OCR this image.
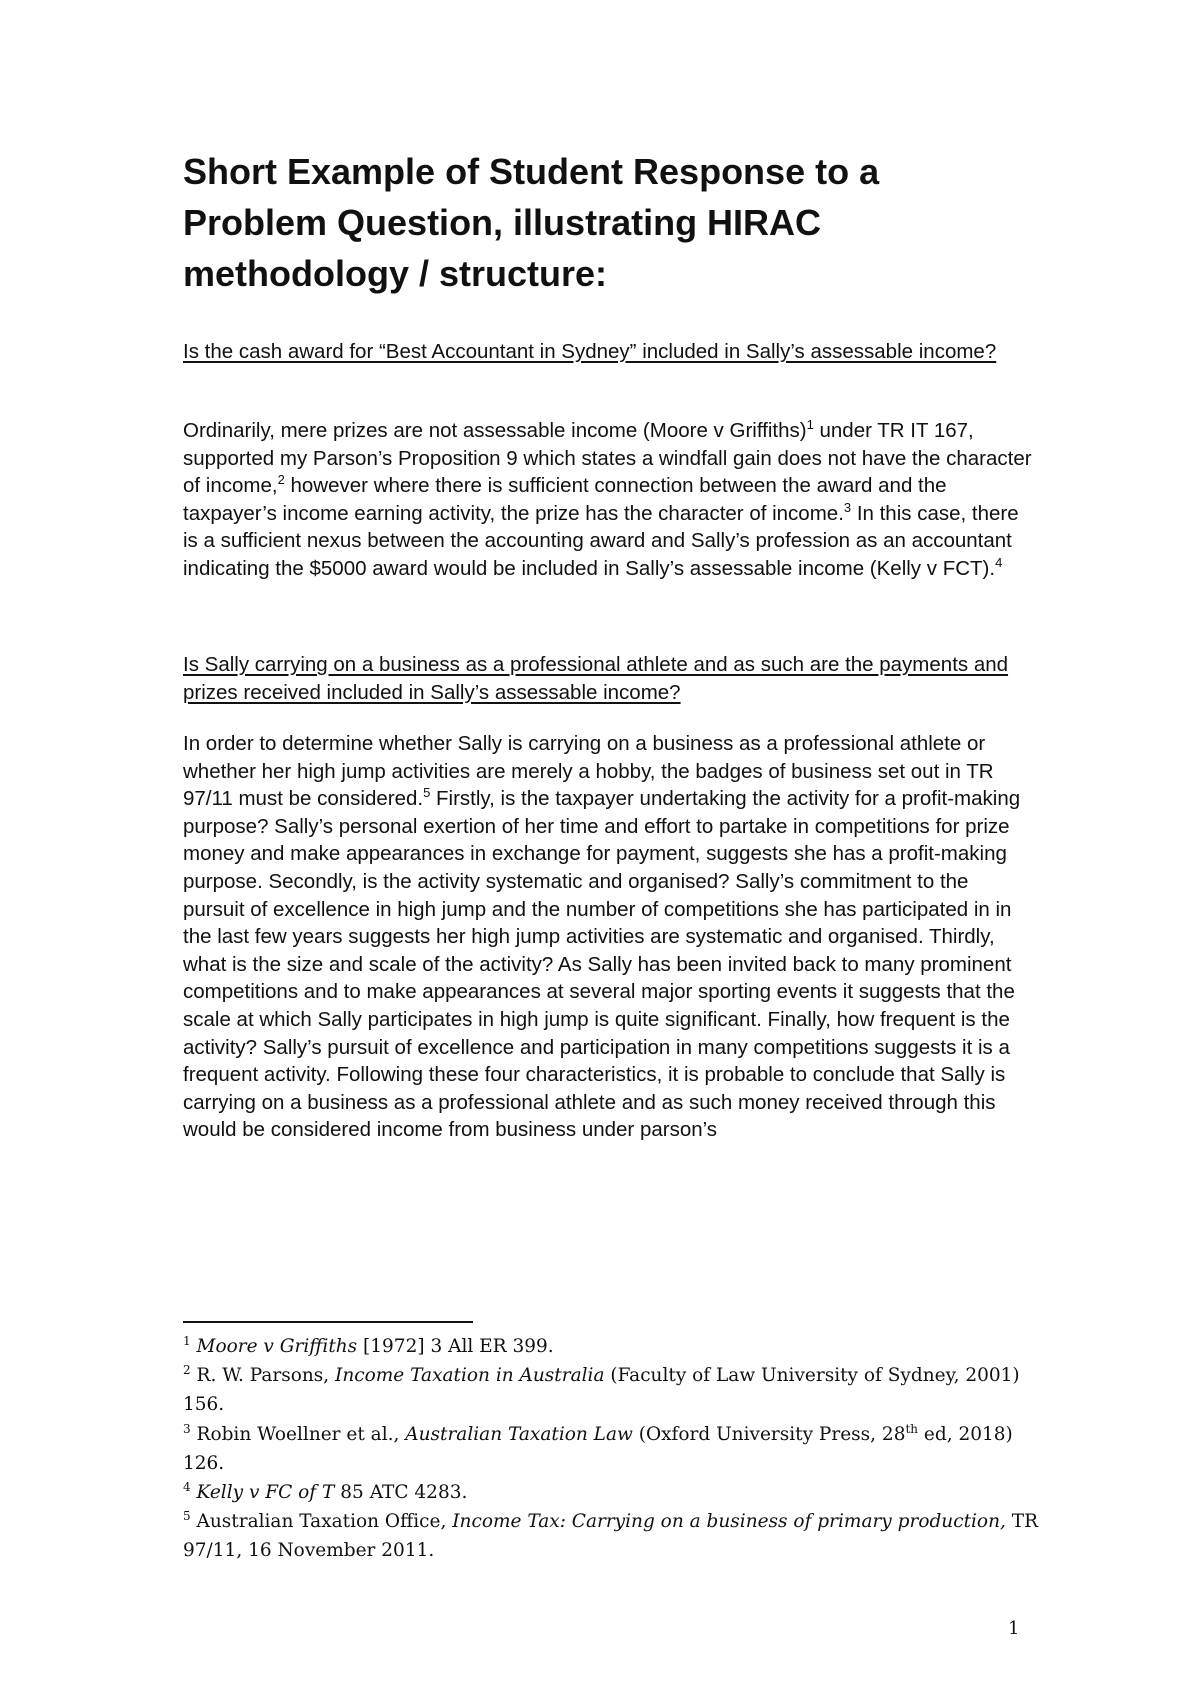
Short Example of Student Response to a Problem Question, illustrating HIRAC methodology / structure:

Is the cash award for “Best Accountant in Sydney” included in Sally’s assessable income?

Ordinarily, mere prizes are not assessable income (Moore v Griffiths)$^1$ under TR IT 167, supported my Parson’s Proposition 9 which states a windfall gain does not have the character of income,$^2$ however where there is sufficient connection between the award and the taxpayer’s income earning activity, the prize has the character of income.$^3$ In this case, there is a sufficient nexus between the accounting award and Sally’s profession as an accountant indicating the $5000 award would be included in Sally’s assessable income (Kelly v FCT).$^4$

Is Sally carrying on a business as a professional athlete and as such are the payments and prizes received included in Sally’s assessable income?

In order to determine whether Sally is carrying on a business as a professional athlete or whether her high jump activities are merely a hobby, the badges of business set out in TR 97/11 must be considered.$^5$ Firstly, is the taxpayer undertaking the activity for a profit-making purpose? Sally’s personal exertion of her time and effort to partake in competitions for prize money and make appearances in exchange for payment, suggests she has a profit-making purpose. Secondly, is the activity systematic and organised? Sally’s commitment to the pursuit of excellence in high jump and the number of competitions she has participated in in the last few years suggests her high jump activities are systematic and organised. Thirdly, what is the size and scale of the activity? As Sally has been invited back to many prominent competitions and to make appearances at several major sporting events it suggests that the scale at which Sally participates in high jump is quite significant. Finally, how frequent is the activity? Sally’s pursuit of excellence and participation in many competitions suggests it is a frequent activity. Following these four characteristics, it is probable to conclude that Sally is carrying on a business as a professional athlete and as such money received through this would be considered income from business under parson’s

$^1$ Moore v Griffiths [1972] 3 All ER 399.

$^2$ R. W. Parsons, Income Taxation in Australia (Faculty of Law University of Sydney, 2001) 156.

$^3$ Robin Woellner et al., Australian Taxation Law (Oxford University Press, 28th ed, 2018) 126.

$^4$ Kelly v FC of T 85 ATC 4283.

$^5$ Australian Taxation Office, Income Tax: Carrying on a business of primary production, TR 97/11, 16 November 2011.

1
